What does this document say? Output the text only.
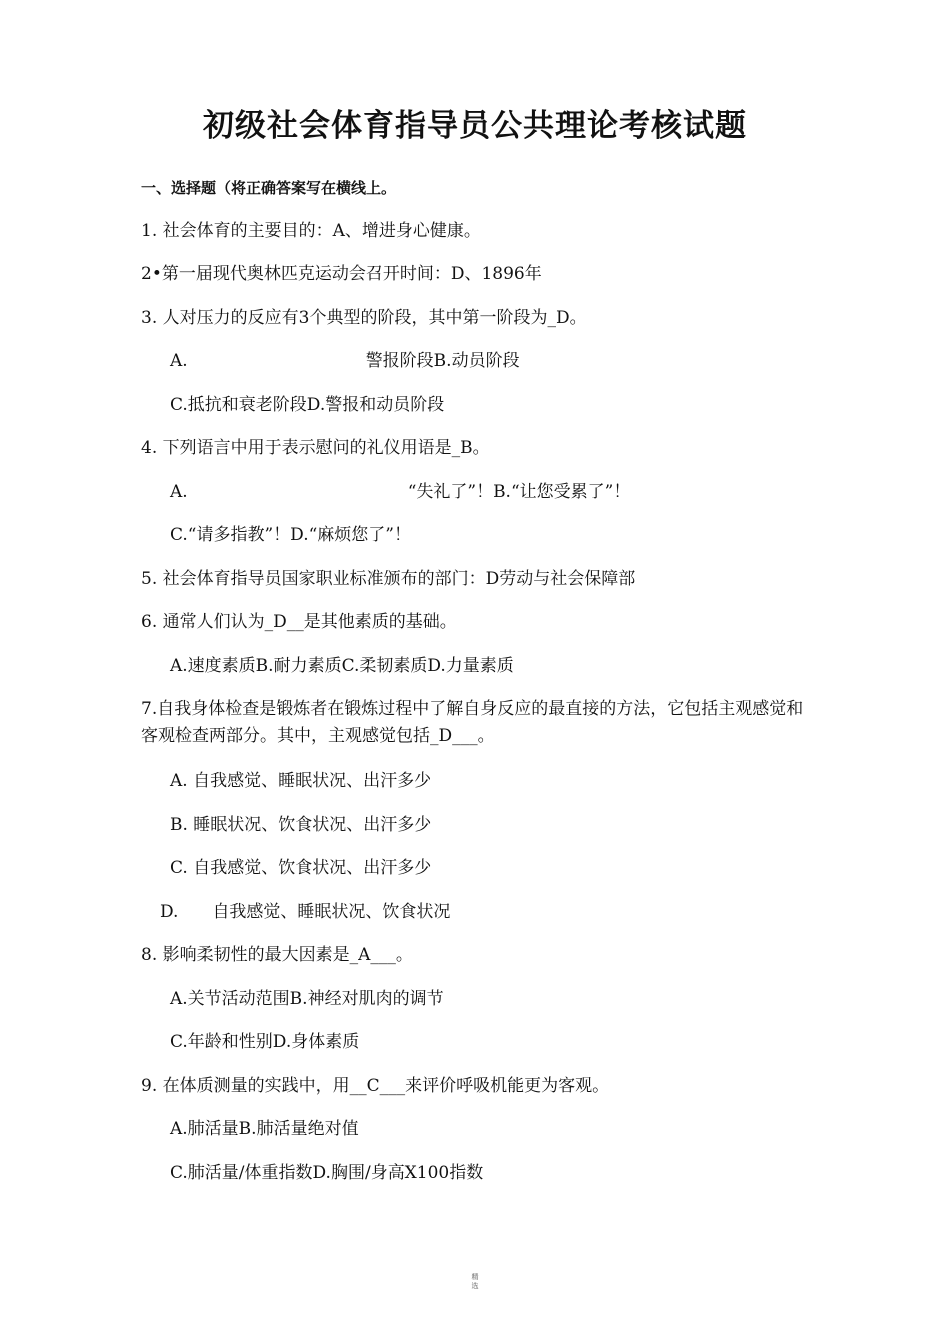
初级社会体育指导员公共理论考核试题
一、选择题（将正确答案写在横线上。
1. 社会体育的主要目的：A、增进身心健康。
2•第一届现代奥林匹克运动会召开时间：D、1896年
3. 人对压力的反应有3个典型的阶段，其中第一阶段为_D。
A.	警报阶段B.动员阶段
C.抵抗和衰老阶段D.警报和动员阶段
4. 下列语言中用于表示慰问的礼仪用语是_B。
A.	“失礼了”！B.“让您受累了”！
C.“请多指教”！D.“麻烦您了”！
5. 社会体育指导员国家职业标准颁布的部门：D劳动与社会保障部
6. 通常人们认为_D__是其他素质的基础。
A.速度素质B.耐力素质C.柔韧素质D.力量素质
7.自我身体检查是锻炼者在锻炼过程中了解自身反应的最直接的方法，它包括主观感觉和客观检查两部分。其中，主观感觉包括_D___。
A. 自我感觉、睡眠状况、出汗多少
B. 睡眠状况、饮食状况、出汗多少
C. 自我感觉、饮食状况、出汗多少
D. 自我感觉、睡眠状况、饮食状况
8. 影响柔韧性的最大因素是_A___。
A.关节活动范围B.神经对肌肉的调节
C.年龄和性别D.身体素质
9. 在体质测量的实践中，用__C___来评价呼吸机能更为客观。
A.肺活量B.肺活量绝对值
C.肺活量/体重指数D.胸围/身高X100指数
精
选
